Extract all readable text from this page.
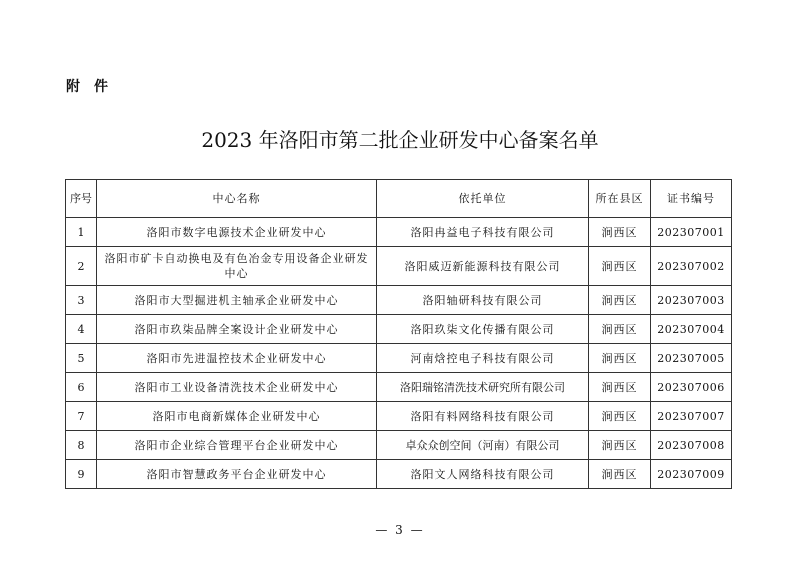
附件
2023 年洛阳市第二批企业研发中心备案名单
序号	中心名称	依托单位	所在县区	证书编号
1	洛阳市数字电源技术企业研发中心	洛阳冉益电子科技有限公司	涧西区	202307001
2	洛阳市矿卡自动换电及有色冶金专用设备企业研发中心	洛阳威迈新能源科技有限公司	涧西区	202307002
3	洛阳市大型掘进机主轴承企业研发中心	洛阳轴研科技有限公司	涧西区	202307003
4	洛阳市玖柒品牌全案设计企业研发中心	洛阳玖柒文化传播有限公司	涧西区	202307004
5	洛阳市先进温控技术企业研发中心	河南焓控电子科技有限公司	涧西区	202307005
6	洛阳市工业设备清洗技术企业研发中心	洛阳瑞铭清洗技术研究所有限公司	涧西区	202307006
7	洛阳市电商新媒体企业研发中心	洛阳有料网络科技有限公司	涧西区	202307007
8	洛阳市企业综合管理平台企业研发中心	卓众众创空间（河南）有限公司	涧西区	202307008
9	洛阳市智慧政务平台企业研发中心	洛阳文人网络科技有限公司	涧西区	202307009
— 3 —
